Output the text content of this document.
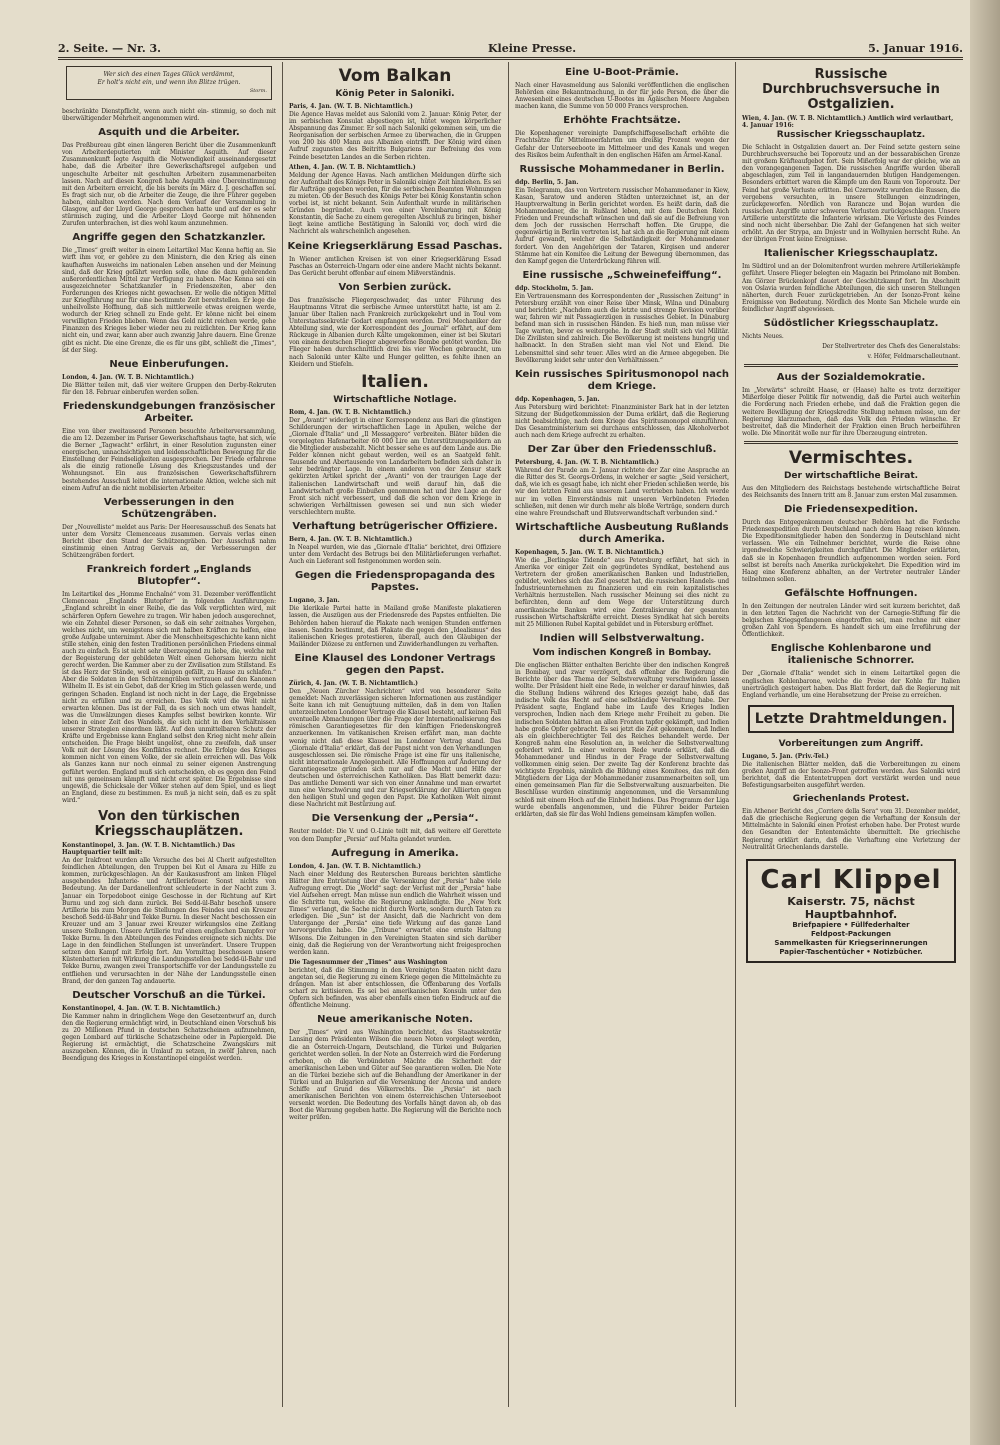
2. Seite. — Nr. 3.	Kleine Presse.	5. Januar 1916.
Wer sich des einen Tages Glück verdämmt,
Er holt's nicht ein, und wenn ihn Blitze trügen.
Storm.

beschränkte Dienstpflicht, wenn auch nicht ein- stimmig, so doch mit überwältigender Mehrheit angenommen wird.

Asquith und die Arbeiter.

Das Preßbureau gibt einen längeren Bericht über die Zusammenkunft von Arbeiterdeputierten mit Minister Asquith. Auf dieser Zusammenkunft legte Asquith die Notwendigkeit auseinandergesetzt habe, daß die Arbeiter ihre Gewerkschaftsregel aufgeben und ungeschulte Arbeiter mit geschulten Arbeitern zusammenarbeiten lassen. Nach auf diesen Kongreß habe Asquith eine Übereinstimmung mit den Arbeitern erreicht, die bis bereits im März d. J. geschaffen sei. Es fragt sich nur, ob die Arbeiter die Zeuge, die ihre Führer gegeben haben, einhalten werden. Nach dem Verlauf der Versammlung in Glasgow, auf der Lloyd George gesprochen hatte und auf der es sehr stürmisch zuging, und die Arbeiter Lloyd George mit höhnenden Zurufen unterbrachen, ist dies wohl kaum anzunehmen.

Angriffe gegen den Schatzkanzler.

Die „Times“ greift weiter in einem Leitartikel Mac Kenna heftig an. Sie wirft ihm vor, er gehöre zu den Ministern, die den Krieg als einen kaufhaften Ausweichs im nationalen Leben ansehen und der Meinung sind, daß der Krieg gefährt werden solle, ohne die dazu gehörenden außerordentlichen Mittel zur Verfügung zu haben. Mac Kenna sei ein ausgezeichneter Schatzkanzler in Friedenszeiten, aber den Forderungen des Krieges nicht gewachsen. Er wolle die nötigen Mittel zur Kriegführung nur für eine bestimmte Zeit bereitstellen. Er lege die unheilvollste Hoffnung, daß sich mittlerweile etwas ereignen werde, wodurch der Krieg schnell zu Ende geht. Er könne nicht bei einem verwilligten Frieden blieben. Wenn das Geld nicht reichen werde, gehe Finanzen des Krieges lieber wieder neu zu reizlichten. Der Krieg kann nicht ein, und zwar, kann aber auch zwanzig Jahre dauern. Eine Grenze gibt es nicht. Die eine Grenze, die es für uns gibt, schließt die „Times“, ist der Sieg.

Neue Einberufungen.
London, 4. Jan. (W. T. B. Nichtamtlich.)

Die Blätter teilen mit, daß vier weitere Gruppen den Derby-Rekruten für den 18. Februar einberufen werden sollen.

Friedenskundgebungen französischer Arbeiter.

Eine von über zweitausend Personen besuchte Arbeiterversammlung, die am 12. Dezember im Pariser Gewerkschaftshaus tagte, hat sich, wie die Berner „Tagwacht“ erfährt, in einer Resolution zugunsten einer energischen, unnachsichtigen und leidenschaftlichen Bewegung für die Einstellung der Feindseligkeiten ausgesprochen. Der Friede erfahrene als die einzig rationelle Lösung des Kriegszustandes und der Wohnungsnot. Ein aus französischen Gewerkschaftsführern bestehendes Ausschuß leitet die internationale Aktion, welche sich mit einem Aufruf an die nicht mobilisierten Arbeiter.

Verbesserungen in den Schützengräben.

Der „Nouvelliste“ meldet aus Paris: Der Heeresausschuß des Senats hat unter dem Vorsitz Clemenceaus zusammen. Gervais verlas einen Bericht über den Stand der Schützengräben. Der Ausschuß nahm einstimmig einen Antrag Gervais an, der Verbesserungen der Schützengräben fordert.

Frankreich fordert „Englands Blutopfer“.

Im Leitartikel des „Homme Enchaîné“ vom 31. Dezember veröffentlicht Clemenceau „Englands Blutopfer“ in folgenden Ausführungen: „England schreibt in einer Reihe, die das Volk verpflichten wird, mit schärferen Opfern Gewehre zu tragen. Wir haben jedoch ausgerechnet, wie ein Zehntel dieser Personen, so daß ein sehr zeitnahes Vorgehen, welches nicht, um wenigstens sich mit halben Kräften zu helfen, eine große Aufgabe unternimmt. Aber die Menschheitsgeschichte kann nicht stille stehen, einig den festen Traditionen persönlichen Friedens einmal auch zu einfach. Es ist nicht sehr überzeugend zu liebe, die, welche mit der Begeisterung der gebildeten Welt einen Gehorsam hierzu nicht gerecht werden. Die Kammer aber zu der Zivilisation zum Stillstand. Es ist das Herz der Stände, weil es einigen gefällt, zu Hause zu schlafen.“ Aber die Soldaten in den Schützengräben vertrauen auf den Kanonen Wilhelm II. Es ist ein Gebot, daß der Krieg im Stich gelassen werde, und geringen Schaden. England ist noch nicht in der Lage, die Ergebnisse nicht zu erfüllen und zu erreichen. Das Volk wird die Welt nicht erwarten können. Das ist der Fall, da es sich noch um etwas handelt, was die Umwälzungen dieses Kampfes selbst bewirken konnte. Wir leben in einer Zeit des Wandels, die sich nicht in den Verhältnissen unserer Strategien einordnen läßt. Auf den unmittelbaren Schutz der Kräfte und Ergebnisse kann England selbst den Krieg nicht mehr allein entscheiden. Die Frage bleibt ungelöst, ohne zu zweifeln, daß unser Volk mit der Lösung des Konfliktes rechnet. Die Erfolge des Krieges kommen nicht von einem Volke, der sie allein erreichen will. Das Volk als Ganzes kann nur noch einmal zu seiner eigenen Anstrengung geführt werden. England muß sich entscheiden, ob es gegen den Feind mit uns gemeinsam kämpft und nicht erst später. Die Ergebnisse sind ungewiß, die Schicksale der Völker stehen auf dem Spiel, und es liegt an England, diese zu bestimmen. Es muß ja nicht sein, daß es zu spät wird.“

Von den türkischen Kriegsschauplätzen.
Konstantinopel, 3. Jan. (W. T. B. Nichtamtlich.) Das Hauptquartier teilt mit:

An der Irakfront wurden alle Versuche des bei Al Cherit aufgestellten feindlichen Abteilungen, den Truppen bei Kut el Amara zu Hilfe zu kommen, zurückgeschlagen. An der Kaukasusfront am linken Flügel ausgehendes Infanterie- und Artilleriefeuer. Sonst nichts von Bedeutung. An der Dardanellenfront schleuderte in der Nacht zum 3. Januar ein Torpedoboot einige Geschosse in der Richtung auf Kirt Burnu und zog sich dann zurück. Bei Sedd-ül-Bahr beschoß unsere Artillerie bis zum Morgen die Stellungen des Feindes und ein Kreuzer beschoß Sedd-ül-Bahr und Tekke Burnu. In dieser Nacht beschossen ein Kreuzer und am 3 Januar zwei Kreuzer wirkungslos eine Zeitlang unsere Stellungen. Unsere Artillerie traf einen englischen Dampfer vor Tekke Burnu. In den Abteilungen des Feindes ereignete sich nichts. Die Lage in den feindlichen Stellungen ist unverändert. Unsere Truppen setzen den Kampf mit Erfolg fort. Am Vormittag beschossen unsere Küstenbatterien mit Wirkung die Landungsstellen bei Sedd-ül-Bahr und Tekke Burnu, zwangen zwei Transportschiffe vor der Landungsstelle zu entfliehen und verursachten in der Nähe der Landungsstelle einen Brand, der den ganzen Tag andauerte.

Deutscher Vorschuß an die Türkei.
Konstantinopel, 4. Jan. (W. T. B. Nichtamtlich.)

Die Kammer nahm in dringlichem Wege den Gesetzentwurf an, durch den die Regierung ermächtigt wird, in Deutschland einen Vorschuß bis zu 20 Millionen Pfund in deutschen Schatzscheinen aufzunehmen, gegen Lombard auf türkische Schatzscheine oder in Papiergeld. Die Regierung ist ermächtigt, die Schatzscheine Zwangskurs mit auszugeben. Können, die in Umlauf zu setzen, in zwölf Jahren, nach Beendigung des Krieges in Konstantinopel eingelöst werden.

Vom Balkan
König Peter in Saloniki.
Paris, 4. Jan. (W. T. B. Nichtamtlich.)

Die Agence Havas meldet aus Saloniki vom 2. Januar: König Peter, der im serbischen Konsulat abgestiegen ist, hütet wegen körperlicher Abspannung das Zimmer. Er soll nach Saloniki gekommen sein, um die Reorganisation der serbischen Armee zu überwachen, die in Gruppen von 200 bis 400 Mann aus Albanien eintrifft. Der König wird einen Aufruf zugunsten des Beitritts Bulgariens zur Befreiung des vom Feinde besetzten Landes an die Serben richten.

Athen, 4. Jan. (W. T. B. Nichtamtlich.)

Meldung der Agence Havas. Nach amtlichen Meldungen dürfte sich der Aufenthalt des Königs Peter in Saloniki einige Zeit hinziehen. Es sei für Aufträge gegeben worden, für die serbischen Beamten Wohnungen zu mieten. Ob der Besuch des Königs Peter bei König Konstantin schon vorbei ist, ist nicht bekannt. Sein Aufenthalt wurde in militärischen Gründen begründet. Auch von einer Vereinbarung mit König Konstantin, die Sache zu einem geregelten Abschluß zu bringen, bisher liegt keine amtliche Bestätigung in Saloniki vor, doch wird die Nachricht als wahrscheinlich angesehen.

Keine Kriegserklärung Essad Paschas.

In Wiener amtlichen Kreisen ist von einer Kriegserklärung Essad Paschas an Österreich-Ungarn oder eine andere Macht nichts bekannt. Das Gerücht beruht offenbar auf einem Mißverständnis.

Von Serbien zurück.

Das französische Fliegergeschwader, das unter Führung des Hauptmanns Vitrat die serbische Armee unterstützt hatte, ist am 2. Januar über Italien nach Frankreich zurückgekehrt und in Toul vom Unterstaatssekretär Godart empfangen worden. Drei Mechaniker der Abteilung sind, wie der Korrespondent des „Journal“ erfährt, auf dem Rückzuge in Albanien durch Kälte umgekommen, einer ist bei Skutari von einem deutschen Flieger abgeworfene Bombe getötet worden. Die Flieger haben durchschnittlich drei bis vier Wochen gebraucht, um nach Saloniki unter Kälte und Hunger gelitten, es fehlte ihnen an Kleidern und Stiefeln.

Italien.
Wirtschaftliche Notlage.
Rom, 4. Jan. (W. T. B. Nichtamtlich.)

Der „Avanti“ widerlegt in einer Korrespondenz aus Bari die günstigen Schilderungen der wirtschaftlichen Lage in Apulien, welche der „Giornale d'Italia“ und „Il Messaggero“ verbreiten. Bläter bilden die vorgelegten Hafenarbeiter 60 000 Lire am Unterstützungsgeldern an die Mitglieder ausbezahlt. Nicht besser sehe es auf dem Lande aus. Die Felder können nicht gebaut werden, weil es an Saatgeld fehlt. Tausende und Abertausende von Landarbeitern befinden sich daher in sehr bedrängter Lage. In einem anderen von der Zensur stark gekürzten Artikel spricht der „Avanti“ von der traurigen Lage der italienischen Landwirtschaft und weiß darauf hin, daß die Landwirtschaft große Einbußen genommen hat und ihre Lage an der Front sich nicht verbessert, und daß die schon vor dem Kriege in schwierigen Verhältnissen gewesen sei und nun sich wieder verschlechtern mußte.

Verhaftung betrügerischer Offiziere.
Bern, 4. Jan. (W. T. B. Nichtamtlich.)

In Neapel wurden, wie das „Giornale d'Italia“ berichtet, drei Offiziere unter dem Verdacht des Betrugs bei den Militärlieferungen verhaftet. Auch ein Lieferant soll festgenommen worden sein.

Gegen die Friedenspropaganda des Papstes.
Lugano, 3. Jan.

Die klerikale Partei hatte in Mailand große Manifeste plakatieren lassen, die Auszügen aus der Friedensrede des Papstes enthielten. Die Behörden haben hierauf die Plakate nach wenigen Stunden entfernen lassen. Sandra bestimmt, daß Plakate die gegen den „Idealismus“ des italienischen Krieges protestieren, überall, auch den Gläubigen der Mailänder Diözese zu entfernen und Zuwiderhandlungen zu verhaften.

Eine Klausel des Londoner Vertrags gegen den Papst.
Zürich, 4. Jan. (W. T. B. Nichtamtlich.)

Den „Neuen Zürcher Nachrichten“ wird von besonderer Seite gemeldet: Nach zuverlässigen sicheren Informationen aus zuständiger Seite kann ich mit Genugtuung mitteilen, daß in dem von Italien unterzeichneten Londoner Vertrage die Klausel besteht, auf keinen Fall eventuelle Abmachungen über die Frage der Internationalisierung des römischen Garantiegesetzes für den künftigen Friedenskongreß anzuerkennen. Im vatikanischen Kreisen erfährt man, man dachte wenig nicht daß diese Klausel im Londoner Vertrag stand. Das „Giornale d'Italia“ erklärt, daß der Papst nicht von den Verhandlungen ausgeschlossen sei. Die römische Frage ist eine für uns italienische, nicht internationale Angelegenheit. Alle Hoffnungen auf Änderung der Garantiegesetze gründen sich nur auf die Macht und Hilfe der deutschen und österreichischen Katholiken. Das Blatt bemerkt dazu: Das amtliche Dementi war sich von einer Annahme und man erwartet nun eine Verschwörung und zur Kriegserklärung der Alliierten gegen den heiligen Stuhl und gegen den Papst. Die Katholiken Welt nimmt diese Nachricht mit Bestürzung auf.

Die Versenkung der „Persia“.

Reuter meldet: Die V. und O.-Linie teilt mit, daß weitere elf Gerettete von dem Dampfer „Persia“ auf Malta gelandet wurden.

Aufregung in Amerika.
London, 4. Jan. (W. T. B. Nichtamtlich.)

Nach einer Meldung des Reuterschen Bureaus berichten sämtliche Blätter ihre Entrüstung über die Versenkung der „Persia“ habe viele Aufregung erregt. Die „World“ sagt: der Verlust mit der „Persia“ habe viel Aufsehen erregt. Man müsse nun endlich die Wahrheit wissen und die Schritte tun, welche die Regierung ankündigte. Die „New York Times“ verlangt, die Sache nicht durch Worte, sondern durch Taten zu erledigen. Die „Sun“ ist der Ansicht, daß die Nachricht von dem Untergange der „Persia“ eine tiefe Wirkung auf das ganze Land hervorgerufen habe. Die „Tribune“ erwartet eine ernste Haltung Wilsons. Die Zeitungen in den Vereinigten Staaten sind sich darüber einig, daß die Regierung von der Verantwortung nicht freigesprochen werden kann.

Die Tagesnummer der „Times“ aus Washington

berichtet, daß die Stimmung in den Vereinigten Staaten nicht dazu angetan sei, die Regierung zu einem Kriege gegen die Mittelmächte zu drängen. Man ist aber entschlossen, die Offenbarung des Vorfalls scharf zu kritisieren. Es sei bei amerikanischen Konsuln unter den Opfern sich befinden, was aber ebenfalls einen tiefen Eindruck auf die öffentliche Meinung.

Neue amerikanische Noten.

Der „Times“ wird aus Washington berichtet, das Staatssekretär Lansing dem Präsidenten Wilson die neuen Noten vorgelegt werden, die an Österreich-Ungarn, Deutschland, die Türkei und Bulgarien gerichtet werden sollen. In der Note an Österreich wird die Forderung erhoben, ob die Verbündeten Mächte die Sicherheit der amerikanischen Leben und Güter auf See garantieren wollen. Die Note an die Türkei beziehe sich auf die Behandlung der Amerikaner in der Türkei und an Bulgarien auf die Versenkung der Ancona und andere Schiffe auf Grund des Völkerrechts. Die „Persia“ ist nach amerikanischen Berichten von einem österreichischen Unterseeboot versenkt worden. Die Bedeutung des Vorfalls hängt davon ab, ob das Boot die Warnung gegeben hatte. Die Regierung will die Berichte noch weiter prüfen.

Eine U-Boot-Prämie.

Nach einer Havasmeldung aus Saloniki veröffentlichen die englischen Behörden eine Bekanntmachung, in der für jede Person, die über die Anwesenheit eines deutschen U-Bootes im Ägäischen Meere Angaben machen kann, die Summe von 50 000 Francs versprochen.

Erhöhte Frachtsätze.

Die Kopenhagener vereinigte Dampfschiffsgesellschaft erhöhte die Frachtsätze für Mittelmeerfahrten um dreißig Prozent wegen der Gefahr der Unterseeboote im Mittelmeer und des Kanals und wegen des Risikos beim Aufenthalt in den englischen Häfen am Ärmel-Kanal.

Russische Mohammedaner in Berlin.
ddp. Berlin, 5. Jan.

Ein Telegramm, das von Vertretern russischer Mohammedaner in Kiew, Kasan, Saratow und anderen Städten unterzeichnet ist, an der Hauptverwaltung in Berlin gerichtet worden. Es heißt darin, daß die Mohammedaner, die in Rußland leben, mit dem Deutschen Reich Frieden und Freundschaft wünschen und daß sie auf die Befreiung von dem Joch der russischen Herrschaft hoffen. Die Gruppe, die gegenwärtig in Berlin vertreten ist, hat sich an die Regierung mit einem Aufruf gewandt, welcher die Selbständigkeit der Mohammedaner fordert. Von den Angehörigen der Tataren, Kirgisen und anderer Stämme hat ein Komitee die Leitung der Bewegung übernommen, das den Kampf gegen die Unterdrückung führen will.

Eine russische „Schweinefeiffung“.
ddp. Stockholm, 5. Jan.

Ein Vertrauensmann des Korrespondenten der „Russischen Zeitung“ in Petersburg erzählt von einer Reise über Minsk, Wilna und Dünaburg und berichtet: „Nachdem auch die letzte und strenge Revision vorüber war, fahren wir mit Passagierzügen in russisches Gebiet. In Dünaburg befand man sich in russischen Händen. Es hieß nun, man müsse vier Tage warten, bevor es weitergehe. In der Stadt stellt sich viel Militär. Die Zivilisten sind zahlreich. Die Bevölkerung ist meistens hungrig und halbnackt. In den Straßen sieht man viel Not und Elend. Die Lebensmittel sind sehr teuer. Alles wird an die Armee abgegeben. Die Bevölkerung leidet sehr unter den Verhältnissen.“

Kein russisches Spiritusmonopol nach dem Kriege.
ddp. Kopenhagen, 5. Jan.

Aus Petersburg wird berichtet: Finanzminister Bark hat in der letzten Sitzung der Budgetkommission der Duma erklärt, daß die Regierung nicht beabsichtige, nach dem Kriege das Spiritusmonopol einzuführen. Das Gesamtministerium sei durchaus entschlossen, das Alkoholverbot auch nach dem Kriege aufrecht zu erhalten.

Der Zar über den Friedensschluß.
Petersburg, 4. Jan. (W. T. B. Nichtamtlich.)

Während der Parade am 2. Januar richtete der Zar eine Ansprache an die Ritter des St. Georgs-Ordens, in welcher er sagte: „Seid versichert, daß, wie ich es gesagt habe, ich nicht eher Frieden schließen werde, bis wir den letzten Feind aus unserem Land vertrieben haben. Ich werde nur im vollen Einverständnis mit unseren Verbündeten Frieden schließen, mit denen wir durch mehr als bloße Verträge, sondern durch eine wahre Freundschaft und Blutsverwandtschaft verbunden sind.“

Wirtschaftliche Ausbeutung Rußlands durch Amerika.
Kopenhagen, 5. Jan. (W. T. B. Nichtamtlich.)

Wie die „Berlingske Tidende“ aus Petersburg erfährt, hat sich in Amerika vor einiger Zeit ein gegründetes Syndikat, bestehend aus Vertretern der großen amerikanischen Banken und Industriellen, gebildet, welches sich das Ziel gesetzt hat, die russischen Handels- und Industrieunternehmen zu finanzieren und ein rein kapitalistisches Verhältnis herzustellen. Nach russischer Meinung sei dies nicht zu befürchten, denn auf dem Wege der Unterstützung durch amerikanische Banken wird eine Zentralisierung der gesamten russischen Wirtschaftskräfte erreicht. Dieses Syndikat hat sich bereits mit 25 Millionen Rubel Kapital gebildet und in Petersburg eröffnet.

Indien will Selbstverwaltung.
Vom indischen Kongreß in Bombay.

Die englischen Blätter enthalten Berichte über den indischen Kongreß in Bombay, und zwar verzögert, daß offenbar die Regierung die Berichte über das Thema der Selbstverwaltung verschwinden lassen wollte. Der Präsident hielt eine Rede, in welcher er darauf hinwies, daß die Stellung Indiens während des Krieges gezeigt habe, daß das indische Volk das Recht auf eine selbständige Verwaltung habe. Der Präsident sagte, England habe im Laufe des Krieges Indien versprochen, Indien nach dem Kriege mehr Freiheit zu geben. Die indischen Soldaten hätten an allen Fronten tapfer gekämpft, und Indien habe große Opfer gebracht. Es sei jetzt die Zeit gekommen, daß Indien als ein gleichberechtigter Teil des Reiches behandelt werde. Der Kongreß nahm eine Resolution an, in welcher die Selbstverwaltung gefordert wird. In einer weiteren Rede wurde erklärt, daß die Mohammedaner und Hindus in der Frage der Selbstverwaltung vollkommen einig seien. Der zweite Tag der Konferenz brachte das wichtigste Ergebnis, nämlich die Bildung eines Komitees, das mit den Mitgliedern der Liga der Mohammedaner zusammenarbeiten soll, um einen gemeinsamen Plan für die Selbstverwaltung auszuarbeiten. Die Beschlüsse wurden einstimmig angenommen, und die Versammlung schloß mit einem Hoch auf die Einheit Indiens. Das Programm der Liga wurde ebenfalls angenommen, und die Führer beider Parteien erklärten, daß sie für das Wohl Indiens gemeinsam kämpfen wollen.

Russische Durchbruchsversuche in Ostgalizien.
Wien, 4. Jan. (W. T. B. Nichtamtlich.) Amtlich wird verlautbart, 4. Januar 1916:
Russischer Kriegsschauplatz.

Die Schlacht in Ostgalizien dauert an. Der Feind setzte gestern seine Durchbruchsversuche bei Toporoutz und an der bessarabischen Grenze mit großem Kräfteaufgebot fort. Sein Mißerfolg war der gleiche, wie an den vorangegangenen Tagen. Die russischen Angriffe wurden überall abgeschlagen, zum Teil in langandauernden blutigen Handgemengen. Besonders erbittert waren die Kämpfe um den Raum von Toporoutz. Der Feind hat große Verluste erlitten. Bei Czernowitz wurden die Russen, die vergebens versuchten, in unsere Stellungen einzudringen, zurückgeworfen. Nördlich von Rarancze und Bojan wurden die russischen Angriffe unter schweren Verlusten zurückgeschlagen. Unsere Artillerie unterstützte die Infanterie wirksam. Die Verluste des Feindes sind noch nicht übersehbar. Die Zahl der Gefangenen hat sich weiter erhöht. An der Strypa, am Dnjestr und in Wolhynien herrscht Ruhe. An der übrigen Front keine Ereignisse.

Italienischer Kriegsschauplatz.

Im Südtirol und an der Dolomitenfront wurden mehrere Artilleriekämpfe geführt. Unsere Flieger belegten ein Magazin bei Primolano mit Bomben. Am Görzer Brückenkopf dauert der Geschützkampf fort. Im Abschnitt von Oslavia wurden feindliche Abteilungen, die sich unseren Stellungen näherten, durch Feuer zurückgetrieben. An der Isonzo-Front keine Ereignisse von Bedeutung. Nördlich des Monte San Michele wurde ein feindlicher Angriff abgewiesen.

Südöstlicher Kriegsschauplatz.

Nichts Neues.

Der Stellvertreter des Chefs des Generalstabs:

v. Höfer, Feldmarschalleutnant.

Aus der Sozialdemokratie.

Im „Vorwärts“ schreibt Haase, er (Haase) halte es trotz derzeitiger Mißerfolge dieser Politik für notwendig, daß die Partei auch weiterhin die Forderung nach Frieden erhebe, und daß die Fraktion gegen die weitere Bewilligung der Kriegskredite Stellung nehmen müsse, um der Regierung klarzumachen, daß das Volk den Frieden wünsche. Er bestreitet, daß die Minderheit der Fraktion einen Bruch herbeiführen wolle. Die Minorität wolle nur für ihre Überzeugung eintreten.

Vermischtes.
Der wirtschaftliche Beirat.

Aus den Mitgliedern des Reichstags bestehende wirtschaftliche Beirat des Reichsamts des Innern tritt am 8. Januar zum ersten Mal zusammen.

Die Friedensexpedition.

Durch das Entgegenkommen deutscher Behörden hat die Fordsche Friedensexpedition durch Deutschland nach dem Haag reisen können. Die Expeditionsmitglieder haben den Sonderzug in Deutschland nicht verlassen. Wie ein Teilnehmer berichtet, wurde die Reise ohne irgendwelche Schwierigkeiten durchgeführt. Die Mitglieder erklärten, daß sie in Kopenhagen freundlich aufgenommen worden seien. Ford selbst ist bereits nach Amerika zurückgekehrt. Die Expedition wird im Haag eine Konferenz abhalten, an der Vertreter neutraler Länder teilnehmen sollen.

Gefälschte Hoffnungen.

In den Zeitungen der neutralen Länder wird seit kurzem berichtet, daß in den letzten Tagen die Nachricht von der Carnegie-Stiftung für die belgischen Kriegsgefangenen eingetroffen sei, man rechne mit einer großen Zahl von Spendern. Es handelt sich um eine Irreführung der Öffentlichkeit.

Englische Kohlenbarone und italienische Schnorrer.

Der „Giornale d'Italia“ wendet sich in einem Leitartikel gegen die englischen Kohlenbarone, welche die Preise der Kohle für Italien unerträglich gesteigert haben. Das Blatt fordert, daß die Regierung mit England verhandle, um eine Herabsetzung der Preise zu erreichen.

Letzte Drahtmeldungen.
Vorbereitungen zum Angriff.
Lugano, 5. Jan. (Priv.-Tel.)

Die italienischen Blätter melden, daß die Vorbereitungen zu einem großen Angriff an der Isonzo-Front getroffen werden. Aus Saloniki wird berichtet, daß die Ententetruppen dort verstärkt werden und neue Befestigungsarbeiten ausgeführt werden.

Griechenlands Protest.

Ein Athener Bericht des „Corriere della Sera“ vom 31. Dezember meldet, daß die griechische Regierung gegen die Verhaftung der Konsuln der Mittelmächte in Saloniki einen Protest erhoben habe. Der Protest wurde den Gesandten der Ententemächte übermittelt. Die griechische Regierung erklärt darin, daß die Verhaftung eine Verletzung der Neutralität Griechenlands darstelle.

Carl Klippel
Kaiserstr. 75, nächst Hauptbahnhof.
Briefpapiere • Füllfederhalter
Feldpost-Packungen
Sammelkasten für Kriegserinnerungen
Papier-Taschentücher • Notizbücher.
